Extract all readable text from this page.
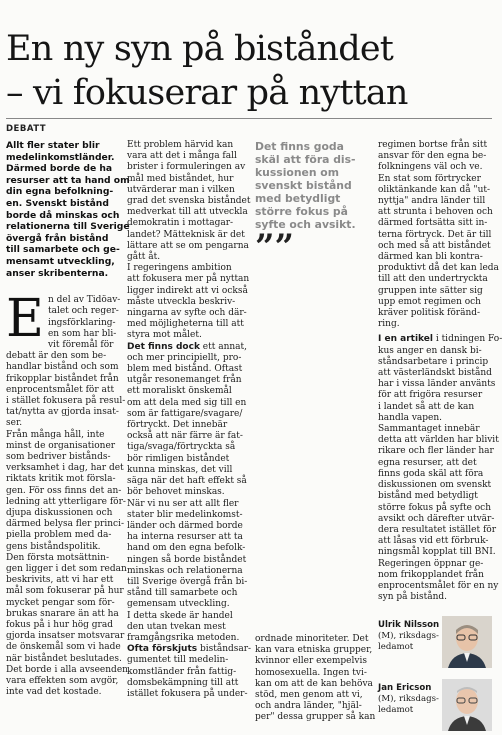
En ny syn på biståndet
– vi fokuserar på nyttan
DEBATT
Allt fler stater blir
medelinkomstländer.
Därmed borde de ha
resurser att ta hand om
din egna befolkning-
en. Svenskt bistånd
borde då minskas och
relationerna till Sverige
övergå från bistånd
till samarbete och ge-
mensamt utveckling,
anser skribenterna.
E n del av Tidöav-
talet och reger-
ingsförklaring-
en som har bli-
vit föremål för
debatt är den som be-
handlar bistånd och som
frikopplar biståndet från
enprocentsmålet för att
i stället fokusera på resul-
tat/nytta av gjorda insat-
ser.
Från många håll, inte
minst de organisationer
som bedriver bistånds-
verksamhet i dag, har det
riktats kritik mot försla-
gen. För oss finns det an-
ledning att ytterligare för-
djupa diskussionen och
därmed belysa fler princi-
piella problem med da-
gens biståndspolitik.
Den första motsättnin-
gen ligger i det som redan
beskrivits, att vi har ett
mål som fokuserar på hur
mycket pengar som för-
brukas snarare än att ha
fokus på i hur hög grad
gjorda insatser motsvarar
de önskemål som vi hade
när biståndet beslutades.
Det borde i alla avseenden
vara effekten som avgör,
inte vad det kostade.
Ett problem härvid kan
vara att det i många fall
brister i formuleringen av
mål med biståndet, hur
utvärderar man i vilken
grad det svenska biståndet
medverkat till att utveckla
demokratin i mottagar-
landet? Mätteknisk är det
lättare att se om pengarna
gått åt.
I regeringens ambition
att fokusera mer på nyttan
ligger indirekt att vi också
måste utveckla beskriv-
ningarna av syfte och där-
med möjligheterna till att
styra mot målet.
Det finns dock ett annat,
och mer principiellt, pro-
blem med bistånd. Oftast
utgår resonemanget från
ett moraliskt önskemål
om att dela med sig till en
som är fattigare/svagare/
förtryckt. Det innebär
också att när färre är fat-
tiga/svaga/förtryckta så
bör rimligen biståndet
kunna minskas, det vill
säga när det haft effekt så
bör behovet minskas.
När vi nu ser att allt fler
stater blir medelinkomst-
länder och därmed borde
ha interna resurser att ta
hand om den egna befolk-
ningen så borde biståndet
minskas och relationerna
till Sverige övergå från bi-
stånd till samarbete och
gemensam utveckling.
I detta skede är handel
den utan tvekan mest
framgångsrika metoden.
Ofta förskjuts biståndsar-
gumentet till medelin-
komstländer från fattig-
domsbekämpning till att
istället fokusera på under-
Det finns goda
skäl att föra dis-
kussionen om
svenskt bistånd
med betydligt
större fokus på
syfte och avsikt.
””
ordnade minoriteter. Det
kan vara etniska grupper,
kvinnor eller exempelvis
homosexuella. Ingen tvi-
kan om att de kan behöva
stöd, men genom att vi,
och andra länder, "hjäl-
per" dessa grupper så kan
regimen bortse från sitt
ansvar för den egna be-
folkningens väl och ve.
En stat som förtrycker
oliktänkande kan då "ut-
nyttja" andra länder till
att strunta i behoven och
därmed fortsätta sitt in-
terna förtryck. Det är till
och med så att biståndet
därmed kan bli kontra-
produktivt då det kan leda
till att den undertryckta
gruppen inte sätter sig
upp emot regimen och
kräver politisk föränd-
ring.
I en artikel i tidningen Fo-
kus anger en dansk bi-
ståndsarbetare i princip
att västerländskt bistånd
har i vissa länder använts
för att frigöra resurser
i landet så att de kan
handla vapen.
Sammantaget innebär
detta att världen har blivit
rikare och fler länder har
egna resurser, att det
finns goda skäl att föra
diskussionen om svenskt
bistånd med betydligt
större fokus på syfte och
avsikt och därefter utvär-
dera resultatet istället för
att låsas vid ett förbruk-
ningsmål kopplat till BNI.
Regeringen öppnar ge-
nom frikopplandet från
enprocentsmålet för en ny
syn på bistånd.
Ulrik Nilsson
(M), riksdags-
ledamot
Jan Ericson
(M), riksdags-
ledamot
